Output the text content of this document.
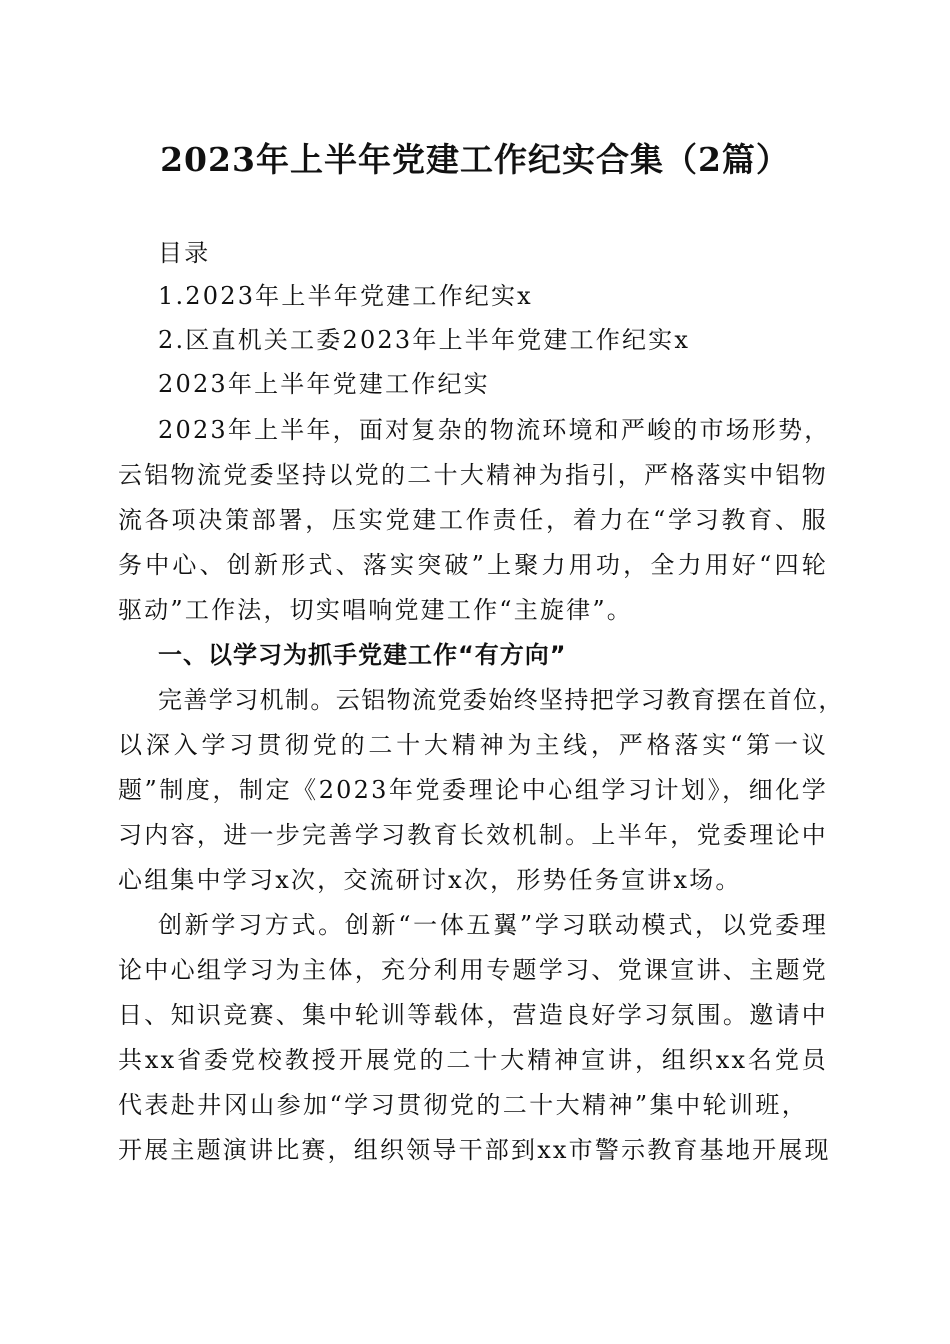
2023年上半年党建工作纪实合集（2篇）
目录
1.2023年上半年党建工作纪实x
2.区直机关工委2023年上半年党建工作纪实x
2023年上半年党建工作纪实
2023年上半年，面对复杂的物流环境和严峻的市场形势，
云铝物流党委坚持以党的二十大精神为指引，严格落实中铝物
流各项决策部署，压实党建工作责任，着力在“学习教育、服
务中心、创新形式、落实突破”上聚力用功，全力用好“四轮
驱动”工作法，切实唱响党建工作“主旋律”。
一、以学习为抓手党建工作“有方向”
完善学习机制。云铝物流党委始终坚持把学习教育摆在首位，
以深入学习贯彻党的二十大精神为主线，严格落实“第一议
题”制度，制定《2023年党委理论中心组学习计划》，细化学
习内容，进一步完善学习教育长效机制。上半年，党委理论中
心组集中学习x次，交流研讨x次，形势任务宣讲x场。
创新学习方式。创新“一体五翼”学习联动模式，以党委理
论中心组学习为主体，充分利用专题学习、党课宣讲、主题党
日、知识竞赛、集中轮训等载体，营造良好学习氛围。邀请中
共xx省委党校教授开展党的二十大精神宣讲，组织xx名党员
代表赴井冈山参加“学习贯彻党的二十大精神”集中轮训班，
开展主题演讲比赛，组织领导干部到xx市警示教育基地开展现
